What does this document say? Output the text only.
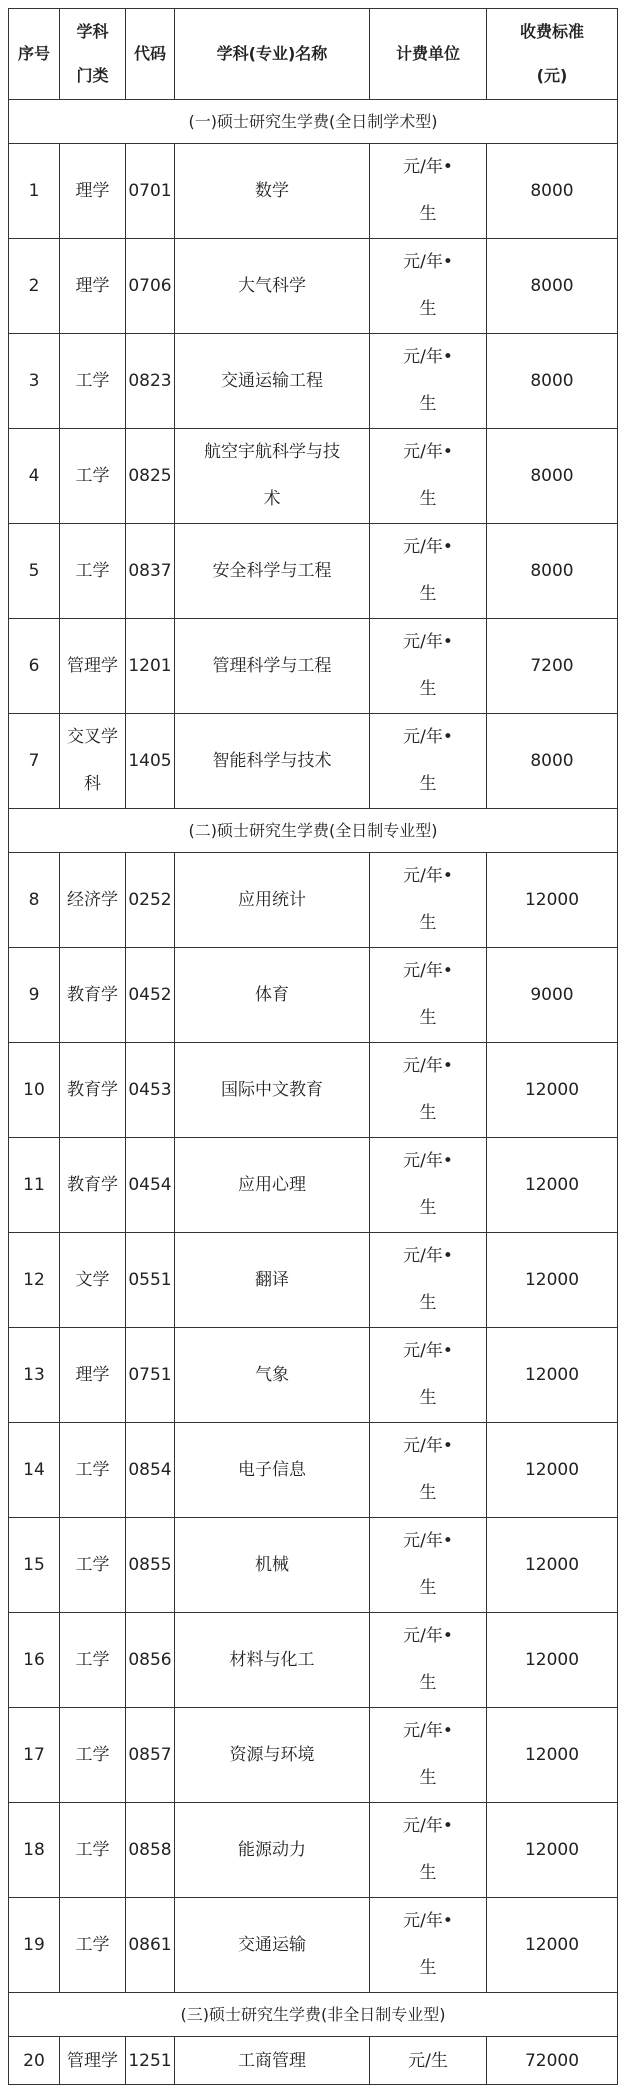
序号	学科门类	代码	学科(专业)名称	计费单位	收费标准(元)

(一)硕士研究生学费(全日制学术型)					
1	理学	0701	数学	元/年•生	8000
2	理学	0706	大气科学	元/年•生	8000
3	工学	0823	交通运输工程	元/年•生	8000
4	工学	0825	航空宇航科学与技术	元/年•生	8000
5	工学	0837	安全科学与工程	元/年•生	8000
6	管理学	1201	管理科学与工程	元/年•生	7200
7	交叉学科	1405	智能科学与技术	元/年•生	8000
(二)硕士研究生学费(全日制专业型)					
8	经济学	0252	应用统计	元/年•生	12000
9	教育学	0452	体育	元/年•生	9000
10	教育学	0453	国际中文教育	元/年•生	12000
11	教育学	0454	应用心理	元/年•生	12000
12	文学	0551	翻译	元/年•生	12000
13	理学	0751	气象	元/年•生	12000
14	工学	0854	电子信息	元/年•生	12000
15	工学	0855	机械	元/年•生	12000
16	工学	0856	材料与化工	元/年•生	12000
17	工学	0857	资源与环境	元/年•生	12000
18	工学	0858	能源动力	元/年•生	12000
19	工学	0861	交通运输	元/年•生	12000
(三)硕士研究生学费(非全日制专业型)					
20	管理学	1251	工商管理	元/生	72000
